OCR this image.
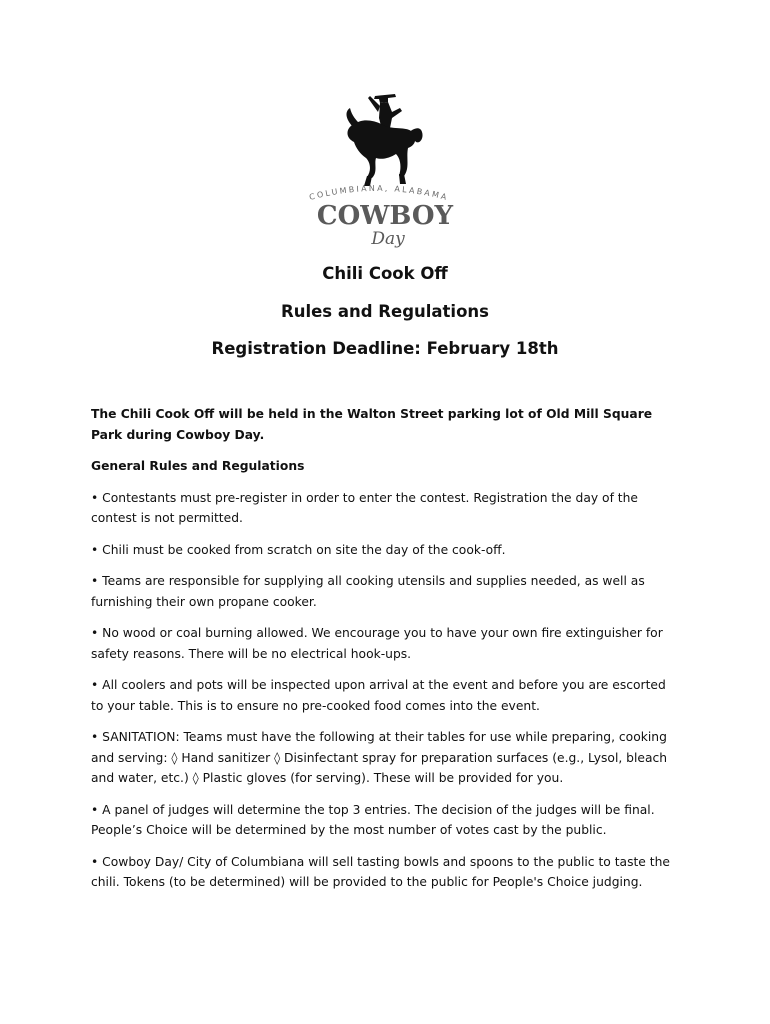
COLUMBIANA, ALABAMA
COWBOY
Day

Chili Cook Off

Rules and Regulations

Registration Deadline: February 18th

The Chili Cook Off will be held in the Walton Street parking lot of Old Mill Square Park during Cowboy Day.

General Rules and Regulations

• Contestants must pre-register in order to enter the contest. Registration the day of the contest is not permitted.

• Chili must be cooked from scratch on site the day of the cook-off.

• Teams are responsible for supplying all cooking utensils and supplies needed, as well as furnishing their own propane cooker.

• No wood or coal burning allowed. We encourage you to have your own fire extinguisher for safety reasons. There will be no electrical hook-ups.

• All coolers and pots will be inspected upon arrival at the event and before you are escorted to your table. This is to ensure no pre-cooked food comes into the event.

• SANITATION: Teams must have the following at their tables for use while preparing, cooking and serving: ◊ Hand sanitizer ◊ Disinfectant spray for preparation surfaces (e.g., Lysol, bleach and water, etc.) ◊ Plastic gloves (for serving). These will be provided for you.

• A panel of judges will determine the top 3 entries. The decision of the judges will be final. People’s Choice will be determined by the most number of votes cast by the public.

• Cowboy Day/ City of Columbiana will sell tasting bowls and spoons to the public to taste the chili. Tokens (to be determined) will be provided to the public for People's Choice judging.
